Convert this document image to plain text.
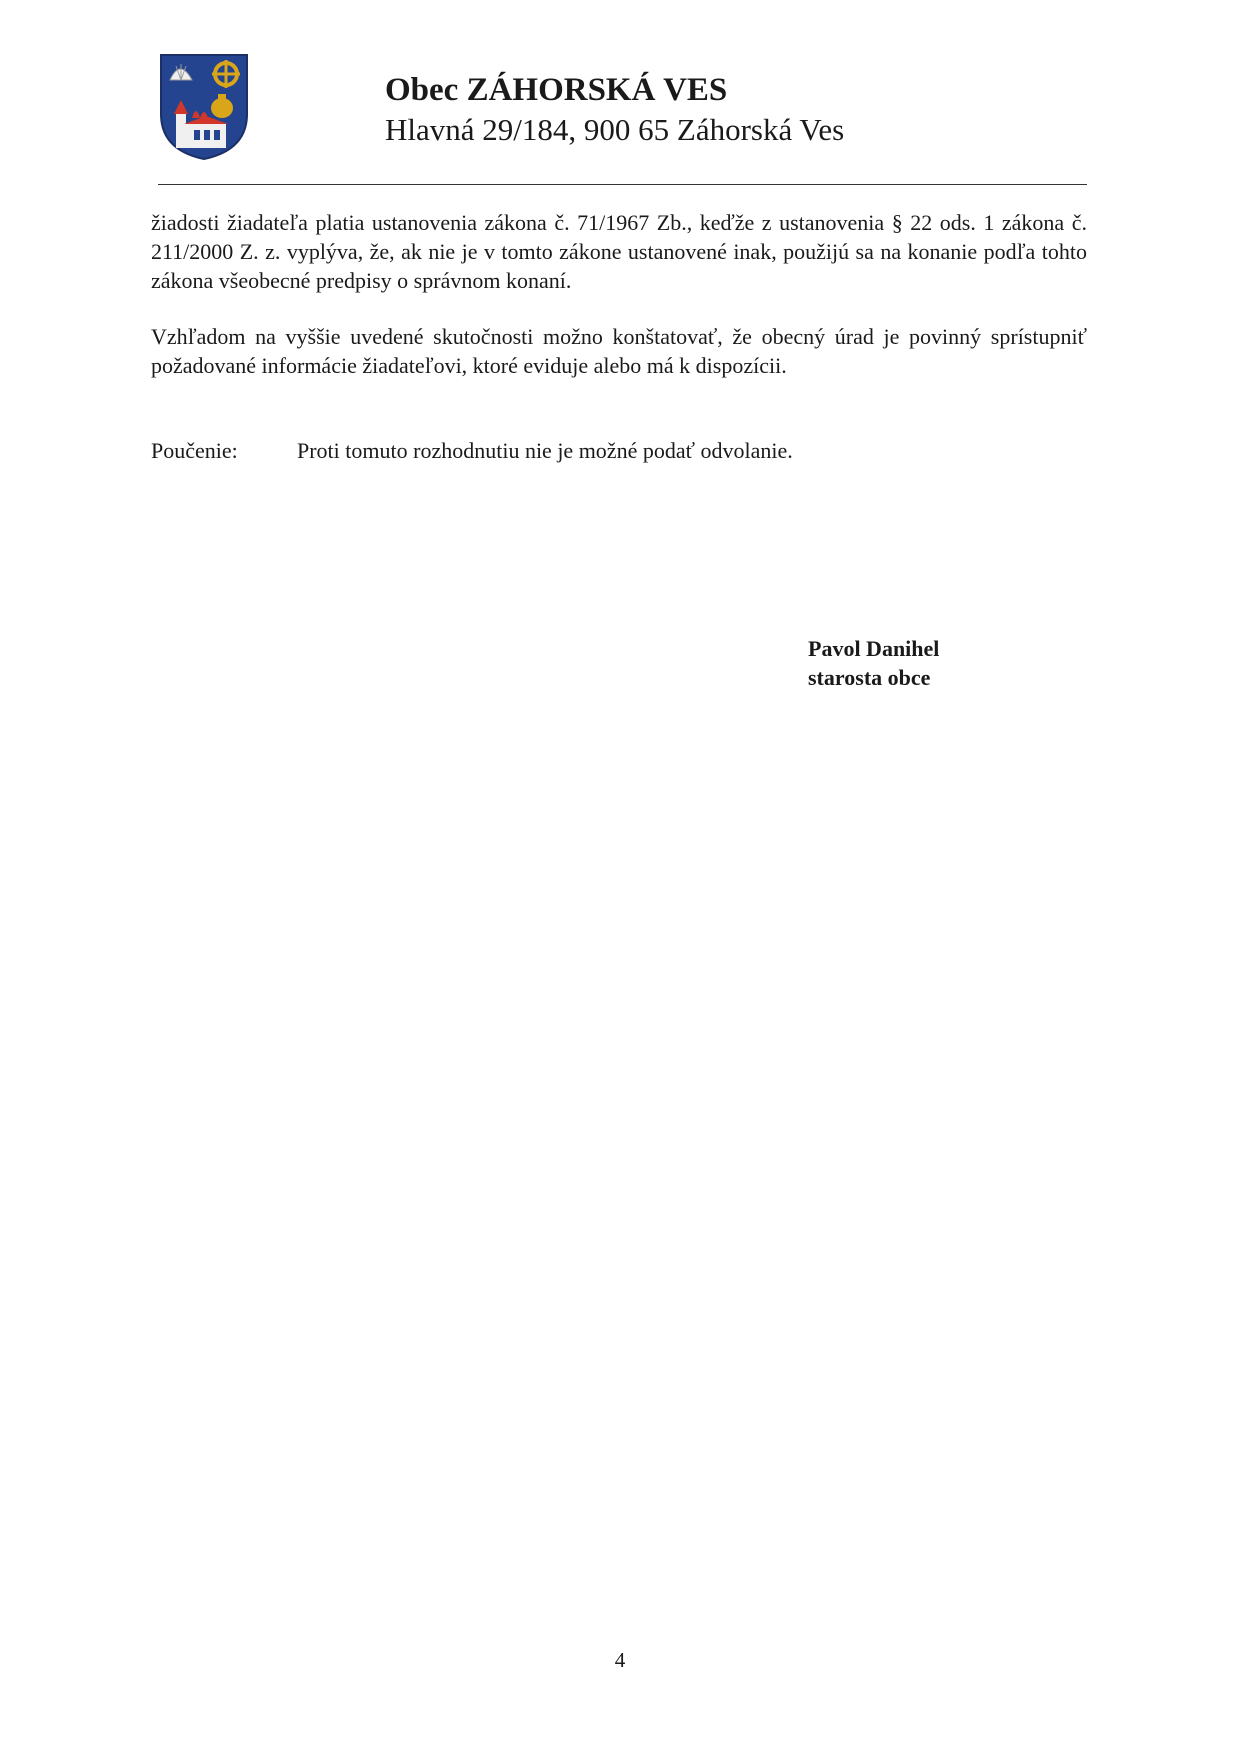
Obec ZÁHORSKÁ VES
Hlavná 29/184, 900 65 Záhorská Ves

žiadosti žiadateľa platia ustanovenia zákona č. 71/1967 Zb., keďže z ustanovenia § 22 ods. 1 zákona č. 211/2000 Z. z. vyplýva, že, ak nie je v tomto zákone ustanovené inak, použijú sa na konanie podľa tohto zákona všeobecné predpisy o správnom konaní.

Vzhľadom na vyššie uvedené skutočnosti možno konštatovať, že obecný úrad je povinný sprístupniť požadované informácie žiadateľovi, ktoré eviduje alebo má k dispozícii.

Poučenie:	Proti tomuto rozhodnutiu nie je možné podať odvolanie.
Pavol Danihel
starosta obce
4
